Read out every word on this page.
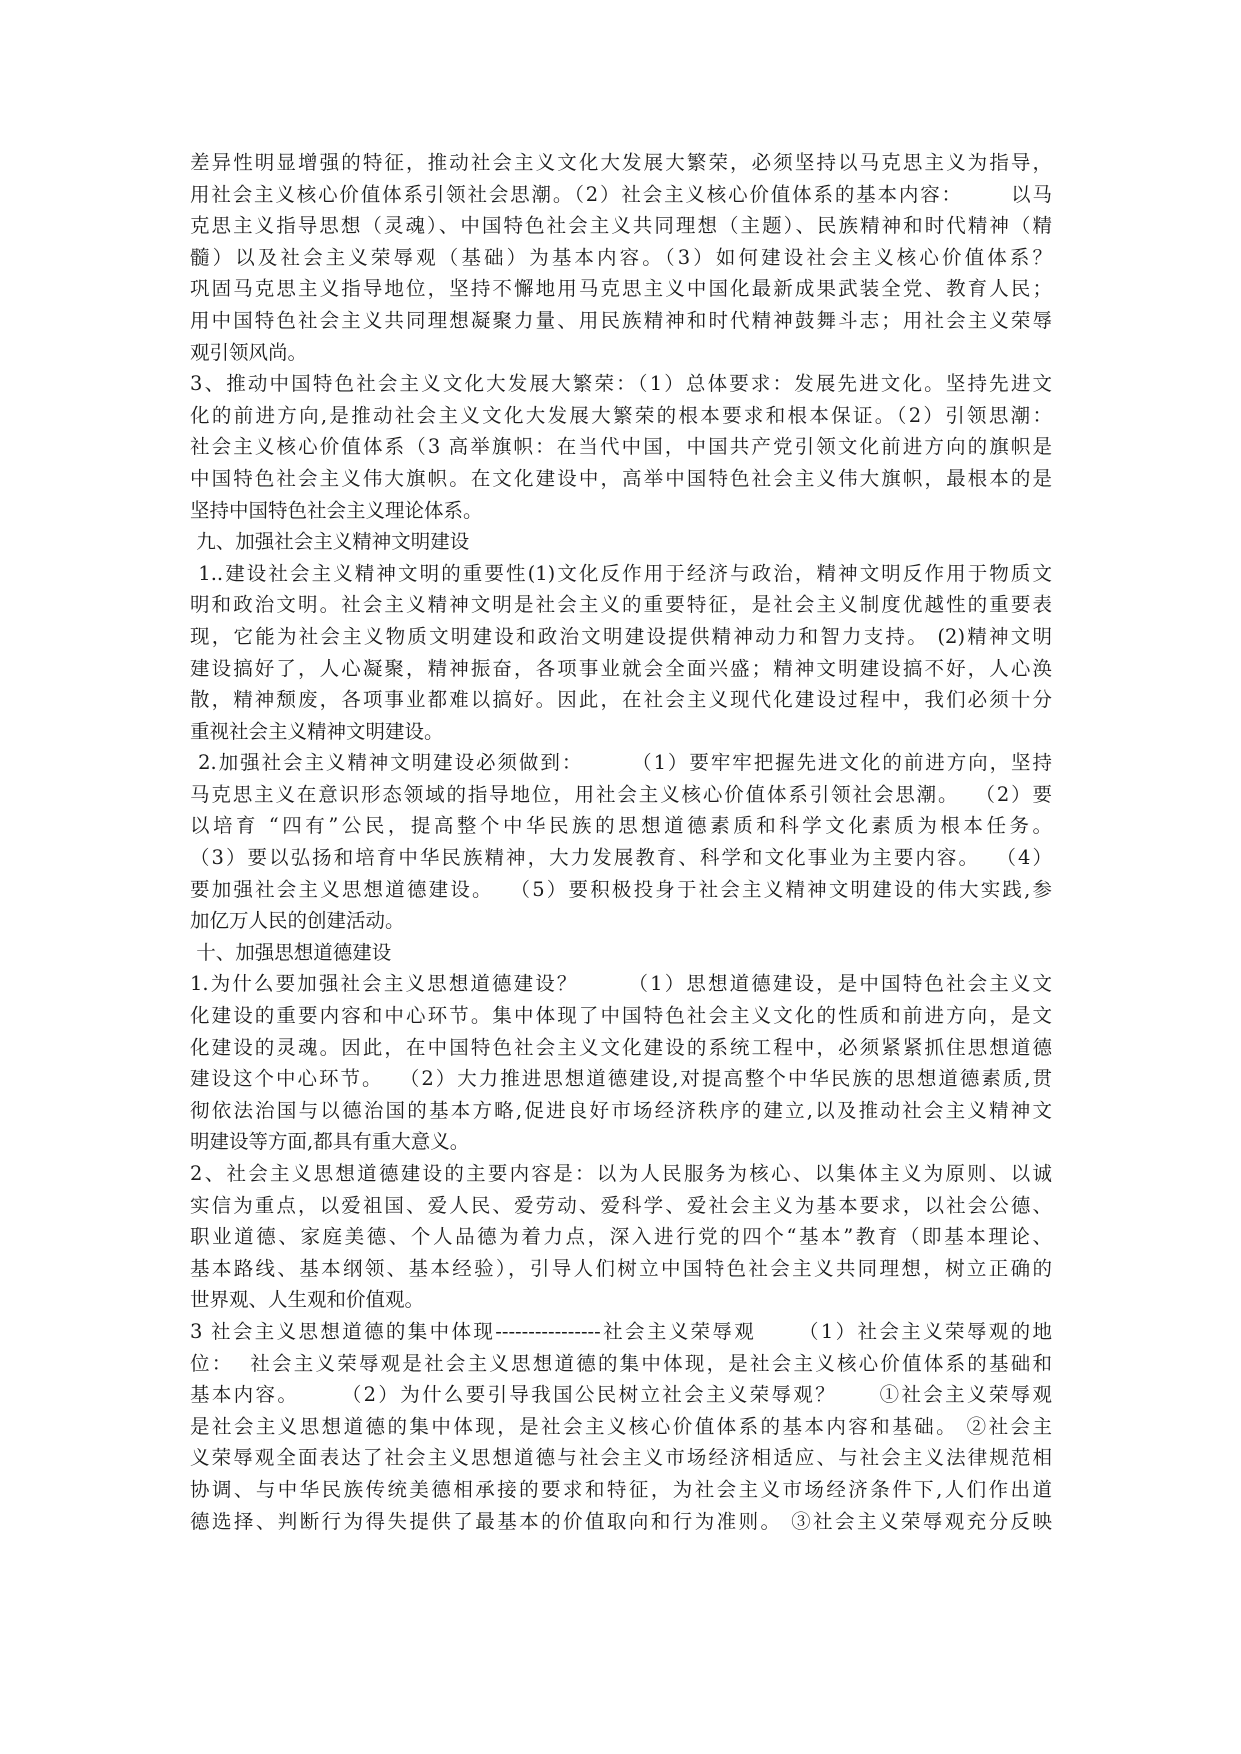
差异性明显增强的特征，推动社会主义文化大发展大繁荣，必须坚持以马克思主义为指导，
用社会主义核心价值体系引领社会思潮。（2）社会主义核心价值体系的基本内容：      以马
克思主义指导思想（灵魂）、中国特色社会主义共同理想（主题）、民族精神和时代精神（精
髓）以及社会主义荣辱观（基础）为基本内容。（3）如何建设社会主义核心价值体系？
巩固马克思主义指导地位，坚持不懈地用马克思主义中国化最新成果武装全党、教育人民；
用中国特色社会主义共同理想凝聚力量、用民族精神和时代精神鼓舞斗志；用社会主义荣辱
观引领风尚。
3、推动中国特色社会主义文化大发展大繁荣：（1）总体要求：发展先进文化。坚持先进文
化的前进方向,是推动社会主义文化大发展大繁荣的根本要求和根本保证。（2）引领思潮：
社会主义核心价值体系（3 高举旗帜：在当代中国，中国共产党引领文化前进方向的旗帜是
中国特色社会主义伟大旗帜。在文化建设中，高举中国特色社会主义伟大旗帜，最根本的是
坚持中国特色社会主义理论体系。
九、加强社会主义精神文明建设
1..建设社会主义精神文明的重要性(1)文化反作用于经济与政治，精神文明反作用于物质文
明和政治文明。社会主义精神文明是社会主义的重要特征，是社会主义制度优越性的重要表
现，它能为社会主义物质文明建设和政治文明建设提供精神动力和智力支持。 (2)精神文明
建设搞好了，人心凝聚，精神振奋，各项事业就会全面兴盛；精神文明建设搞不好，人心涣
散，精神颓废，各项事业都难以搞好。因此，在社会主义现代化建设过程中，我们必须十分
重视社会主义精神文明建设。
2.加强社会主义精神文明建设必须做到：      （1）要牢牢把握先进文化的前进方向，坚持
马克思主义在意识形态领域的指导地位，用社会主义核心价值体系引领社会思潮。  （2）要
以培育 “四有”公民，提高整个中华民族的思想道德素质和科学文化素质为根本任务。
（3）要以弘扬和培育中华民族精神，大力发展教育、科学和文化事业为主要内容。  （4）
要加强社会主义思想道德建设。  （5）要积极投身于社会主义精神文明建设的伟大实践,参
加亿万人民的创建活动。
十、加强思想道德建设
1.为什么要加强社会主义思想道德建设？      （1）思想道德建设，是中国特色社会主义文
化建设的重要内容和中心环节。集中体现了中国特色社会主义文化的性质和前进方向，是文
化建设的灵魂。因此，在中国特色社会主义文化建设的系统工程中，必须紧紧抓住思想道德
建设这个中心环节。  （2）大力推进思想道德建设,对提高整个中华民族的思想道德素质,贯
彻依法治国与以德治国的基本方略,促进良好市场经济秩序的建立,以及推动社会主义精神文
明建设等方面,都具有重大意义。
2、社会主义思想道德建设的主要内容是：以为人民服务为核心、以集体主义为原则、以诚
实信为重点，以爱祖国、爱人民、爱劳动、爱科学、爱社会主义为基本要求，以社会公德、
职业道德、家庭美德、个人品德为着力点，深入进行党的四个“基本”教育（即基本理论、
基本路线、基本纲领、基本经验），引导人们树立中国特色社会主义共同理想，树立正确的
世界观、人生观和价值观。
3 社会主义思想道德的集中体现----------------社会主义荣辱观     （1）社会主义荣辱观的地
位：  社会主义荣辱观是社会主义思想道德的集中体现，是社会主义核心价值体系的基础和
基本内容。     （2）为什么要引导我国公民树立社会主义荣辱观？     ①社会主义荣辱观
是社会主义思想道德的集中体现，是社会主义核心价值体系的基本内容和基础。 ②社会主
义荣辱观全面表达了社会主义思想道德与社会主义市场经济相适应、与社会主义法律规范相
协调、与中华民族传统美德相承接的要求和特征，为社会主义市场经济条件下,人们作出道
德选择、判断行为得失提供了最基本的价值取向和行为准则。 ③社会主义荣辱观充分反映
